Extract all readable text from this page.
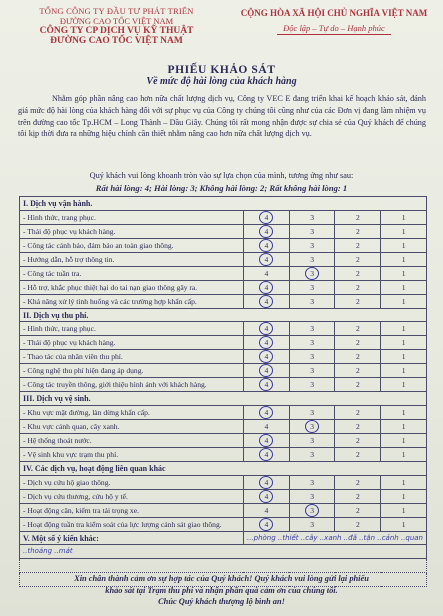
TỔNG CÔNG TY ĐẦU TƯ PHÁT TRIỂN
ĐƯỜNG CAO TỐC VIỆT NAM
CÔNG TY CP DỊCH VỤ KỸ THUẬT
ĐƯỜNG CAO TỐC VIỆT NAM
CỘNG HÒA XÃ HỘI CHỦ NGHĨA VIỆT NAM
Độc lập – Tự do – Hạnh phúc
PHIẾU KHẢO SÁT
Về mức độ hài lòng của khách hàng
Nhằm góp phần nâng cao hơn nữa chất lượng dịch vụ, Công ty VEC E đang triển khai kế hoạch khảo sát, đánh giá mức độ hài lòng của khách hàng đối với sự phục vụ của Công ty chúng tôi cũng như của các Đơn vị đang làm nhiệm vụ trên đường cao tốc Tp.HCM – Long Thành – Dầu Giây. Chúng tôi rất mong nhận được sự chia sẻ của Quý khách để chúng tôi kịp thời đưa ra những hiệu chỉnh cần thiết nhằm nâng cao hơn nữa chất lượng dịch vụ.
Quý khách vui lòng khoanh tròn vào sự lựa chọn của mình, tương ứng như sau:
Rất hài lòng: 4; Hài lòng: 3; Không hài lòng: 2; Rất không hài lòng: 1
I. Dịch vụ vận hành.				
- Hình thức, trang phục.	4	3	2	1
- Thái độ phục vụ khách hàng.	4	3	2	1
- Công tác cảnh báo, đảm bảo an toàn giao thông.	4	3	2	1
- Hướng dẫn, hỗ trợ thông tin.	4	3	2	1
- Công tác tuần tra.	4	3	2	1
- Hỗ trợ, khắc phục thiệt hại do tai nạn giao thông gây ra.	4	3	2	1
- Khả năng xử lý tình huống và các trường hợp khẩn cấp.	4	3	2	1
II. Dịch vụ thu phí.				
- Hình thức, trang phục.	4	3	2	1
- Thái độ phục vụ khách hàng.	4	3	2	1
- Thao tác của nhân viên thu phí.	4	3	2	1
- Công nghệ thu phí hiện đang áp dụng.	4	3	2	1
- Công tác truyền thông, giới thiệu hình ảnh với khách hàng.	4	3	2	1
III. Dịch vụ vệ sinh.				
- Khu vực mặt đường, làn dừng khẩn cấp.	4	3	2	1
- Khu vực cảnh quan, cây xanh.	4	3	2	1
- Hệ thống thoát nước.	4	3	2	1
- Vệ sinh khu vực trạm thu phí.	4	3	2	1
IV. Các dịch vụ, hoạt động liên quan khác				
- Dịch vụ cứu hộ giao thông.	4	3	2	1
- Dịch vụ cứu thương, cứu hộ y tế.	4	3	2	1
- Hoạt động cân, kiểm tra tải trọng xe.	4	3	2	1
- Hoạt động tuần tra kiểm soát của lực lượng cảnh sát giao thông.	4	3	2	1
V. Một số ý kiến khác:	...phòng ..thiết ..cây ..xanh ..đã ..tận ..cảnh ..quan			
..thoáng ..mát				

Xin chân thành cảm ơn sự hợp tác của Quý khách! Quý khách vui lòng gửi lại phiếu
khảo sát tại Trạm thu phí và nhận phần quà cảm ơn của chúng tôi.
Chúc Quý khách thượng lộ bình an!
